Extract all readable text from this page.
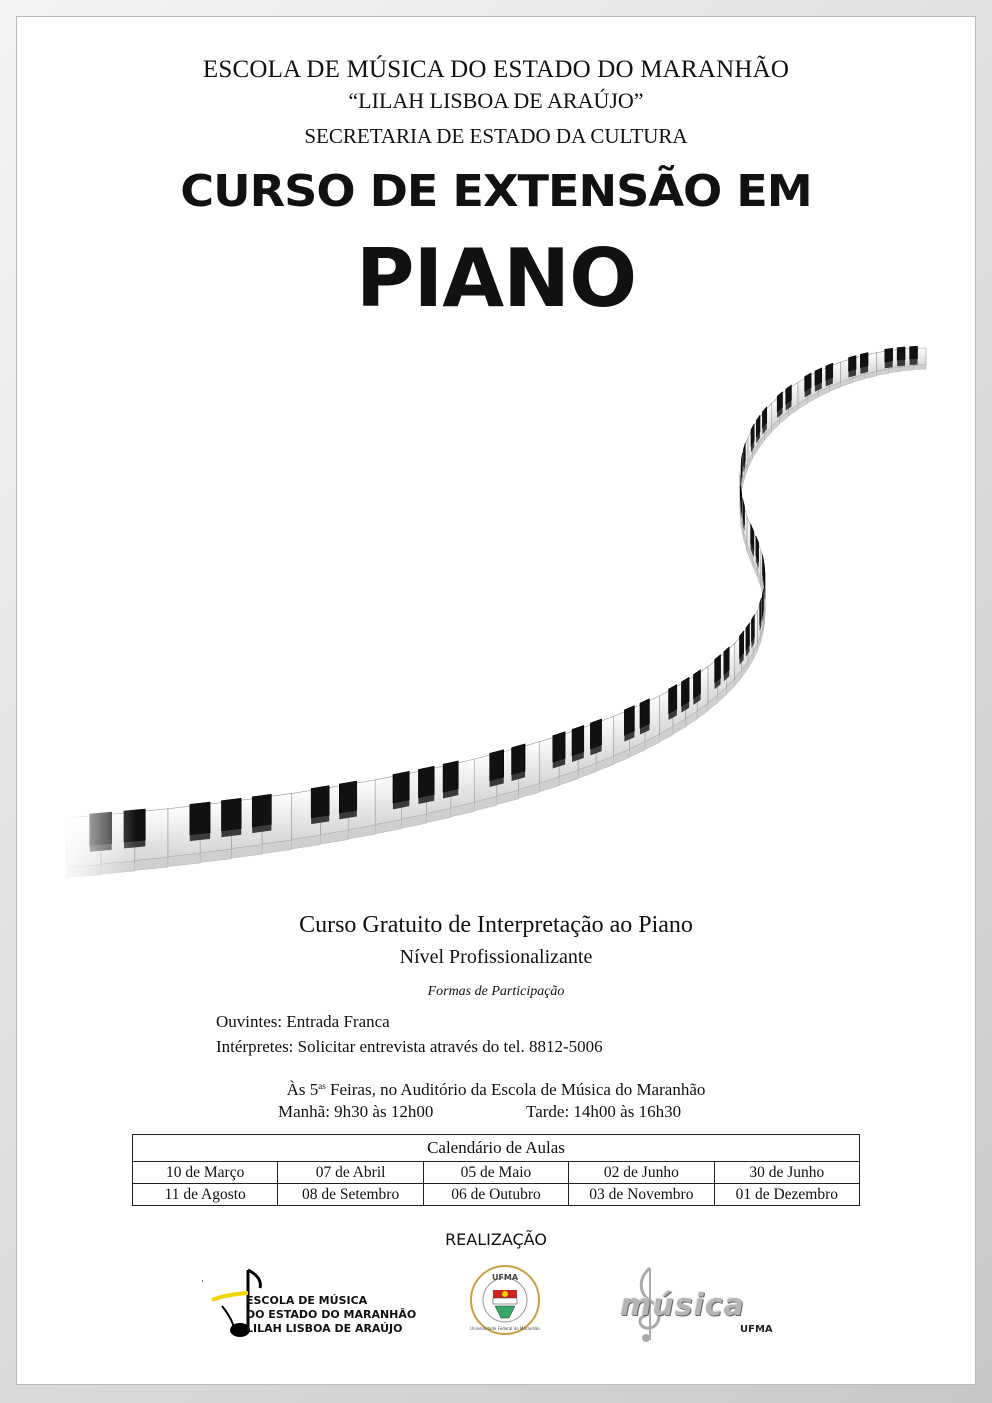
ESCOLA DE MÚSICA DO ESTADO DO MARANHÃO
“LILAH LISBOA DE ARAÚJO”
SECRETARIA DE ESTADO DA CULTURA
CURSO DE EXTENSÃO EM
PIANO
Curso Gratuito de Interpretação ao Piano
Nível Profissionalizante
Formas de Participação
Ouvintes: Entrada Franca
Intérpretes: Solicitar entrevista através do tel. 8812-5006
Às $5^{as}$ Feiras, no Auditório da Escola de Música do Maranhão
Manhã: 9h30 às 12h00	Tarde: 14h00 às 16h30
Calendário de Aulas				
10 de Março	07 de Abril	05 de Maio	02 de Junho	30 de Junho
11 de Agosto	08 de Setembro	06 de Outubro	03 de Novembro	01 de Dezembro
REALIZAÇÃO
ESCOLA DE MÚSICA
DO ESTADO DO MARANHÃO
LILAH LISBOA DE ARAÚJO
UFMA
Universidade Federal do Maranhão
música
UFMA
